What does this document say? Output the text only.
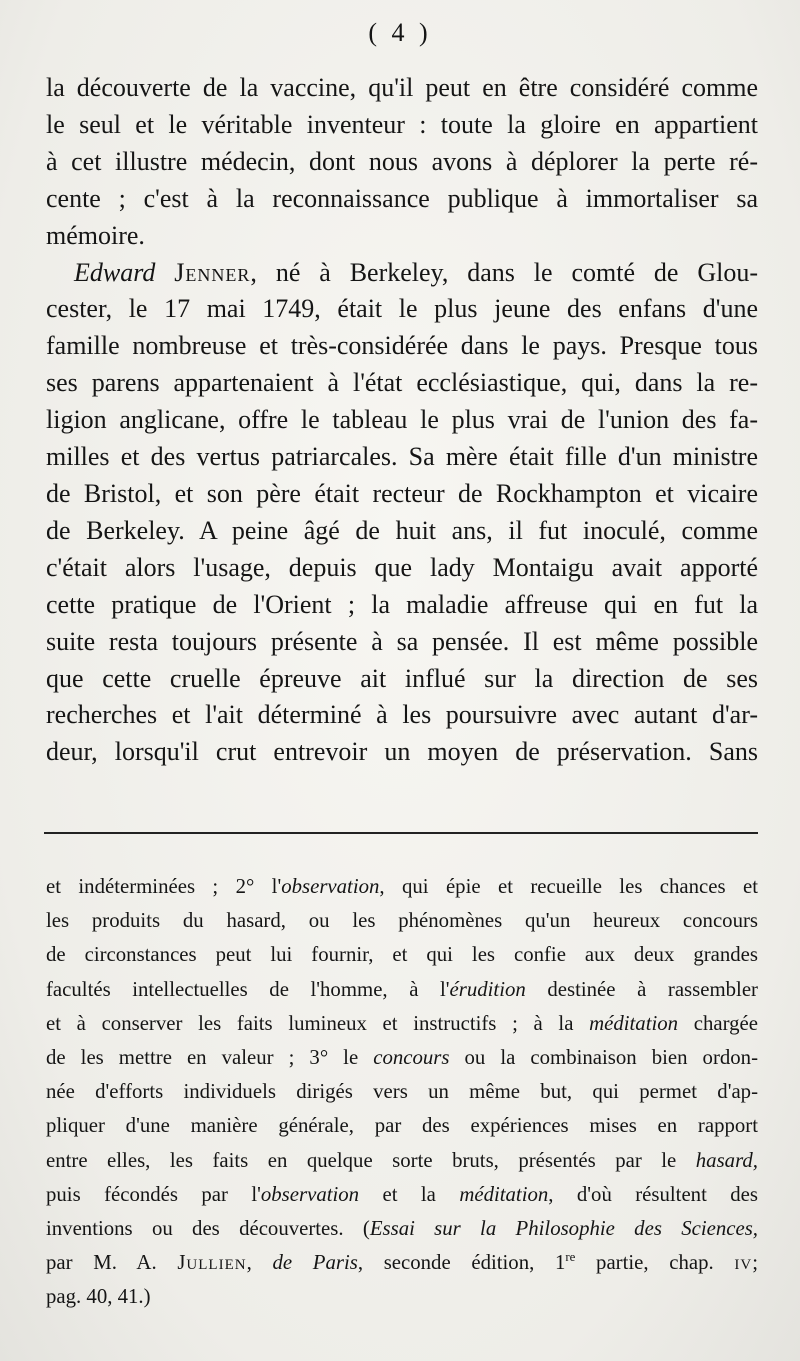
( 4 )
la découverte de la vaccine, qu'il peut en être considéré comme
le seul et le véritable inventeur : toute la gloire en appartient
à cet illustre médecin, dont nous avons à déplorer la perte ré-
cente ; c'est à la reconnaissance publique à immortaliser sa
mémoire.
Edward Jenner, né à Berkeley, dans le comté de Glou-
cester, le 17 mai 1749, était le plus jeune des enfans d'une
famille nombreuse et très-considérée dans le pays. Presque tous
ses parens appartenaient à l'état ecclésiastique, qui, dans la re-
ligion anglicane, offre le tableau le plus vrai de l'union des fa-
milles et des vertus patriarcales. Sa mère était fille d'un ministre
de Bristol, et son père était recteur de Rockhampton et vicaire
de Berkeley. A peine âgé de huit ans, il fut inoculé, comme
c'était alors l'usage, depuis que lady Montaigu avait apporté
cette pratique de l'Orient ; la maladie affreuse qui en fut la
suite resta toujours présente à sa pensée. Il est même possible
que cette cruelle épreuve ait influé sur la direction de ses
recherches et l'ait déterminé à les poursuivre avec autant d'ar-
deur, lorsqu'il crut entrevoir un moyen de préservation. Sans
et indéterminées ; 2° l'observation, qui épie et recueille les chances et
les produits du hasard, ou les phénomènes qu'un heureux concours
de circonstances peut lui fournir, et qui les confie aux deux grandes
facultés intellectuelles de l'homme, à l'érudition destinée à rassembler
et à conserver les faits lumineux et instructifs ; à la méditation chargée
de les mettre en valeur ; 3° le concours ou la combinaison bien ordon-
née d'efforts individuels dirigés vers un même but, qui permet d'ap-
pliquer d'une manière générale, par des expériences mises en rapport
entre elles, les faits en quelque sorte bruts, présentés par le hasard,
puis fécondés par l'observation et la méditation, d'où résultent des
inventions ou des découvertes. (Essai sur la Philosophie des Sciences,
par M. A. Jullien, de Paris, seconde édition, 1re partie, chap. iv;
pag. 40, 41.)
